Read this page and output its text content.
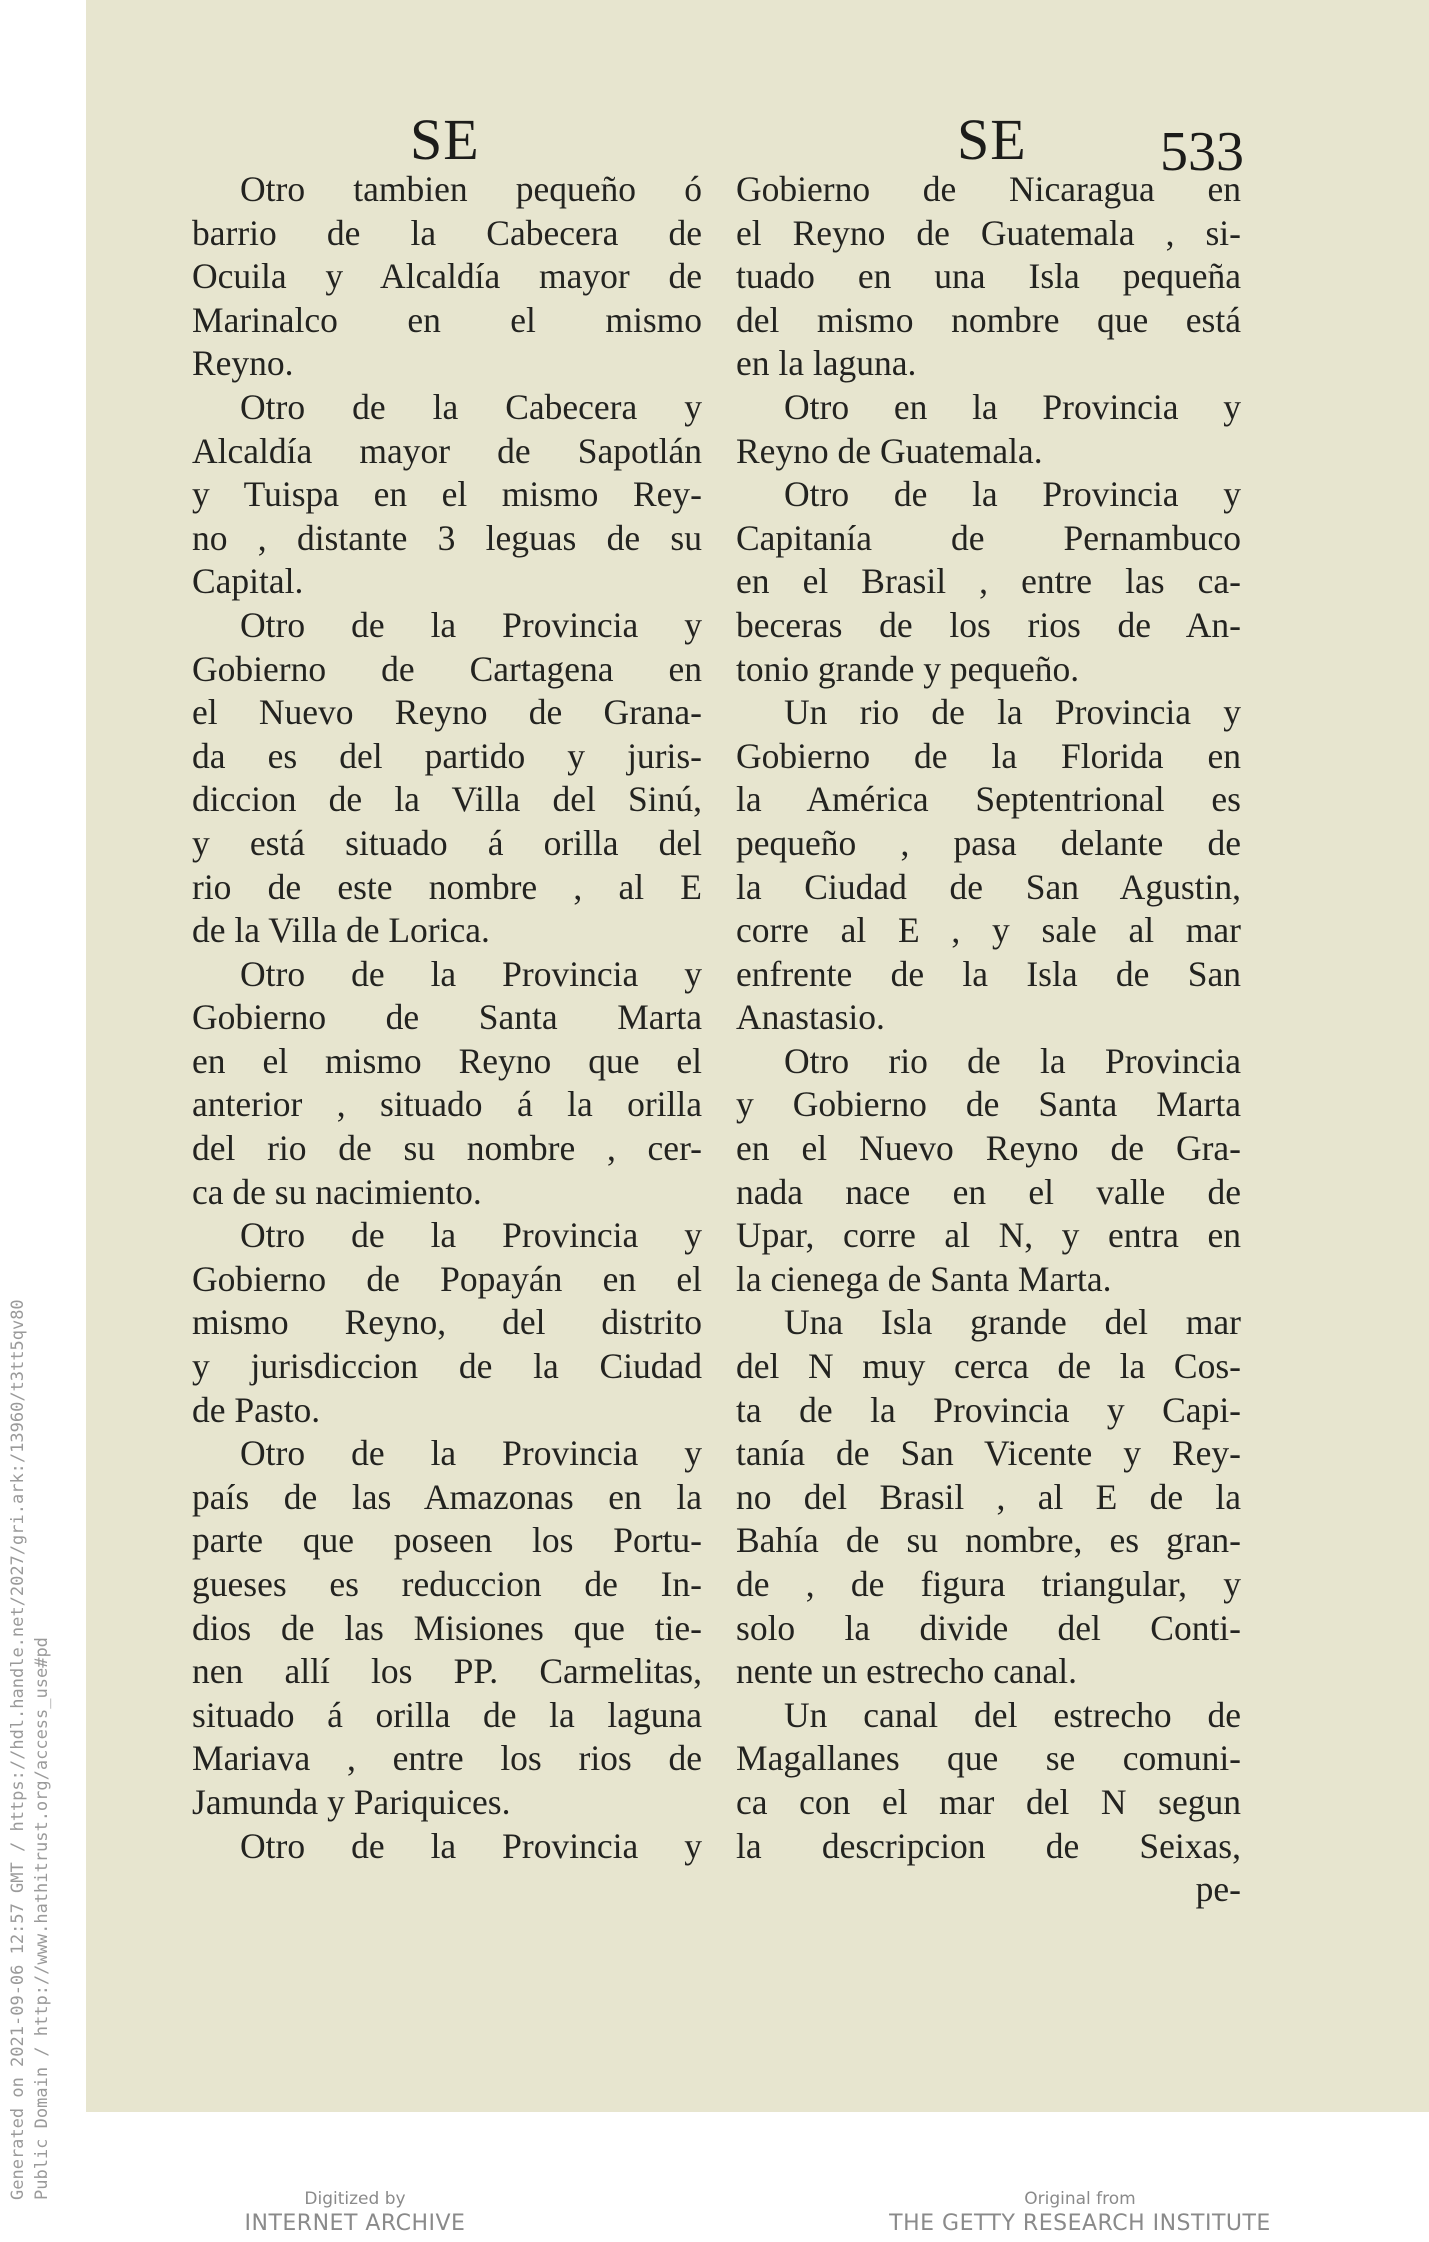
Generated on 2021-09-06 12:57 GMT / https://hdl.handle.net/2027/gri.ark:/13960/t3tt5qv80 Public Domain / http://www.hathitrust.org/access_use#pd
SE	SE 533
Otro tambien pequeño ó
barrio de la Cabecera de
Ocuila y Alcaldía mayor de
Marinalco en el mismo
Reyno.
Otro de la Cabecera y
Alcaldía mayor de Sapotlán
y Tuispa en el mismo Rey-
no , distante 3 leguas de su
Capital.
Otro de la Provincia y
Gobierno de Cartagena en
el Nuevo Reyno de Grana-
da es del partido y juris-
diccion de la Villa del Sinú,
y está situado á orilla del
rio de este nombre , al E
de la Villa de Lorica.
Otro de la Provincia y
Gobierno de Santa Marta
en el mismo Reyno que el
anterior , situado á la orilla
del rio de su nombre , cer-
ca de su nacimiento.
Otro de la Provincia y
Gobierno de Popayán en el
mismo Reyno, del distrito
y jurisdiccion de la Ciudad
de Pasto.
Otro de la Provincia y
país de las Amazonas en la
parte que poseen los Portu-
gueses es reduccion de In-
dios de las Misiones que tie-
nen allí los PP. Carmelitas,
situado á orilla de la laguna
Mariava , entre los rios de
Jamunda y Pariquices.
Otro de la Provincia y
Gobierno de Nicaragua en
el Reyno de Guatemala , si-
tuado en una Isla pequeña
del mismo nombre que está
en la laguna.
Otro en la Provincia y
Reyno de Guatemala.
Otro de la Provincia y
Capitanía de Pernambuco
en el Brasil , entre las ca-
beceras de los rios de An-
tonio grande y pequeño.
Un rio de la Provincia y
Gobierno de la Florida en
la América Septentrional es
pequeño , pasa delante de
la Ciudad de San Agustin,
corre al E , y sale al mar
enfrente de la Isla de San
Anastasio.
Otro rio de la Provincia
y Gobierno de Santa Marta
en el Nuevo Reyno de Gra-
nada nace en el valle de
Upar, corre al N, y entra en
la cienega de Santa Marta.
Una Isla grande del mar
del N muy cerca de la Cos-
ta de la Provincia y Capi-
tanía de San Vicente y Rey-
no del Brasil , al E de la
Bahía de su nombre, es gran-
de , de figura triangular, y
solo la divide del Conti-
nente un estrecho canal.
Un canal del estrecho de
Magallanes que se comuni-
ca con el mar del N segun
la descripcion de Seixas,
pe-
Digitized by
INTERNET ARCHIVE
Original from
THE GETTY RESEARCH INSTITUTE
